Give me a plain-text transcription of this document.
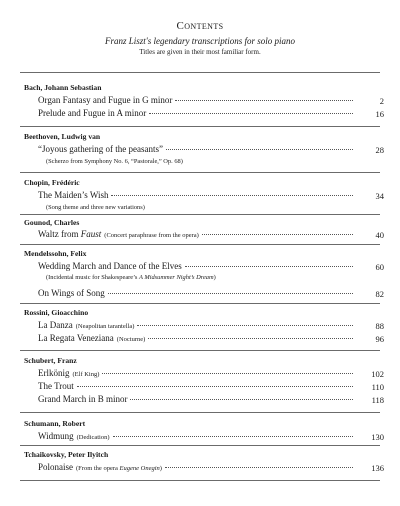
Contents
Franz Liszt's legendary transcriptions for solo piano
Titles are given in their most familiar form.
Bach, Johann Sebastian
Organ Fantasy and Fugue in G minor	2
Prelude and Fugue in A minor	16
Beethoven, Ludwig van
“Joyous gathering of the peasants”	28
(Scherzo from Symphony No. 6, “Pastorale,” Op. 68)
Chopin, Frédéric
The Maiden’s Wish	34
(Song theme and three new variations)
Gounod, Charles
Waltz from Faust (Concert paraphrase from the opera)	40
Mendelssohn, Felix
Wedding March and Dance of the Elves	60
(Incidental music for Shakespeare’s A Midsummer Night’s Dream)
On Wings of Song	82
Rossini, Gioacchino
La Danza (Neapolitan tarantella)	88
La Regata Veneziana (Nocturne)	96
Schubert, Franz
Erlkönig (Elf King)	102
The Trout	110
Grand March in B minor	118
Schumann, Robert
Widmung (Dedication)	130
Tchaikovsky, Peter Ilyitch
Polonaise (From the opera Eugene Onegin)	136
